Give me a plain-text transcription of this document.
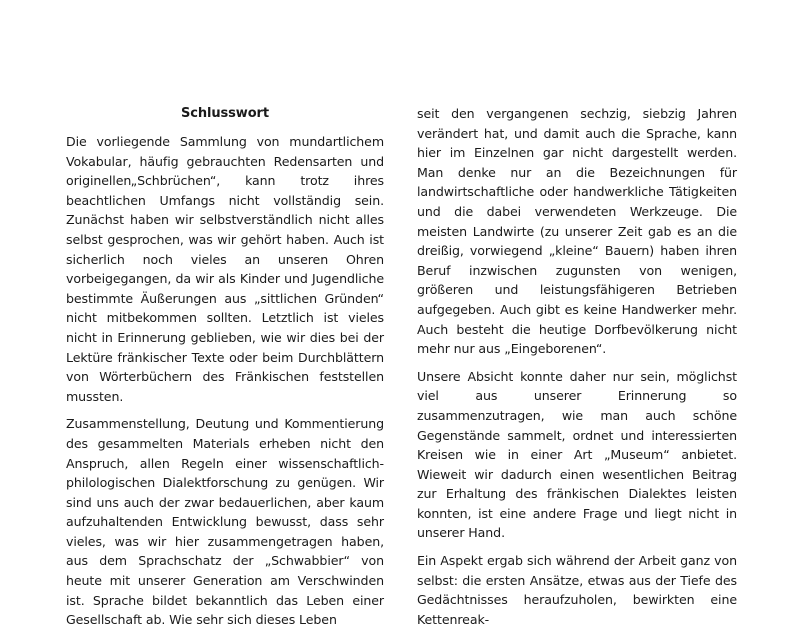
Schlusswort

Die vorliegende Sammlung von mundartlichem Vokabular, häufig gebrauchten Redensarten und originellen„Schbrüchen“, kann trotz ihres beachtlichen Umfangs nicht vollständig sein. Zunächst haben wir selbstverständlich nicht alles selbst gesprochen, was wir gehört haben. Auch ist sicherlich noch vieles an unseren Ohren vorbeigegangen, da wir als Kinder und Jugendliche bestimmte Äußerungen aus „sittlichen Gründen“ nicht mitbekommen sollten. Letztlich ist vieles nicht in Erinnerung geblieben, wie wir dies bei der Lektüre fränkischer Texte oder beim Durchblättern von Wörterbüchern des Fränkischen feststellen mussten.

Zusammenstellung, Deutung und Kommentierung des gesammelten Materials erheben nicht den Anspruch, allen Regeln einer wissenschaftlich-philologischen Dialektforschung zu genügen. Wir sind uns auch der zwar bedauerlichen, aber kaum aufzuhaltenden Entwicklung bewusst, dass sehr vieles, was wir hier zusammengetragen haben, aus dem Sprachschatz der „Schwabbier“ von heute mit unserer Generation am Verschwinden ist. Sprache bildet bekanntlich das Leben einer Gesellschaft ab. Wie sehr sich dieses Leben

seit den vergangenen sechzig, siebzig Jahren verändert hat, und damit auch die Sprache, kann hier im Einzelnen gar nicht dargestellt werden. Man denke nur an die Bezeichnungen für landwirtschaftliche oder handwerkliche Tätigkeiten und die dabei verwendeten Werkzeuge. Die meisten Landwirte (zu unserer Zeit gab es an die dreißig, vorwiegend „kleine“ Bauern) haben ihren Beruf inzwischen zugunsten von wenigen, größeren und leistungsfähigeren Betrieben aufgegeben. Auch gibt es keine Handwerker mehr. Auch besteht die heutige Dorfbevölkerung nicht mehr nur aus „Eingeborenen“.

Unsere Absicht konnte daher nur sein, möglichst viel aus unserer Erinnerung so zusammenzutragen, wie man auch schöne Gegenstände sammelt, ordnet und interessierten Kreisen wie in einer Art „Museum“ anbietet. Wieweit wir dadurch einen wesentlichen Beitrag zur Erhaltung des fränkischen Dialektes leisten konnten, ist eine andere Frage und liegt nicht in unserer Hand.

Ein Aspekt ergab sich während der Arbeit ganz von selbst: die ersten Ansätze, etwas aus der Tiefe des Gedächtnisses heraufzuholen, bewirkten eine Kettenreak-
